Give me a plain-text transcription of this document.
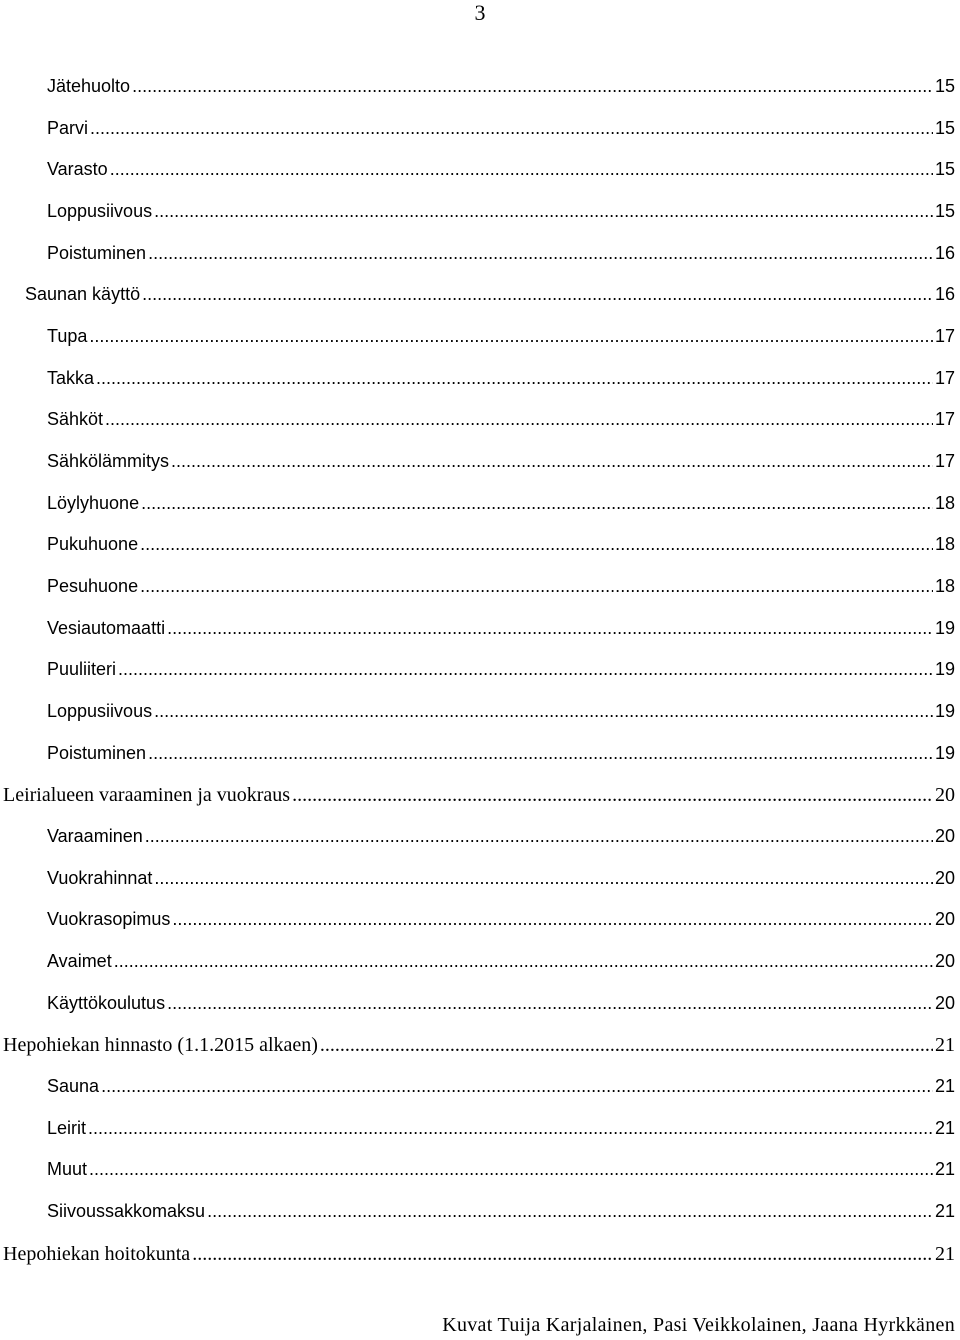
3
Jätehuolto .....	15
Parvi .....	15
Varasto .....	15
Loppusiivous .....	15
Poistuminen .....	16
Saunan käyttö .....	16
Tupa .....	17
Takka .....	17
Sähköt .....	17
Sähkölämmitys .....	17
Löylyhuone .....	18
Pukuhuone .....	18
Pesuhuone .....	18
Vesiautomaatti .....	19
Puuliiteri .....	19
Loppusiivous .....	19
Poistuminen .....	19
Leirialueen varaaminen ja vuokraus .....	20
Varaaminen .....	20
Vuokrahinnat .....	20
Vuokrasopimus .....	20
Avaimet .....	20
Käyttökoulutus .....	20
Hepohiekan hinnasto (1.1.2015 alkaen) .....	21
Sauna .....	21
Leirit .....	21
Muut .....	21
Siivoussakkomaksu .....	21
Hepohiekan hoitokunta .....	21
Kuvat Tuija Karjalainen, Pasi Veikkolainen, Jaana Hyrkkänen
